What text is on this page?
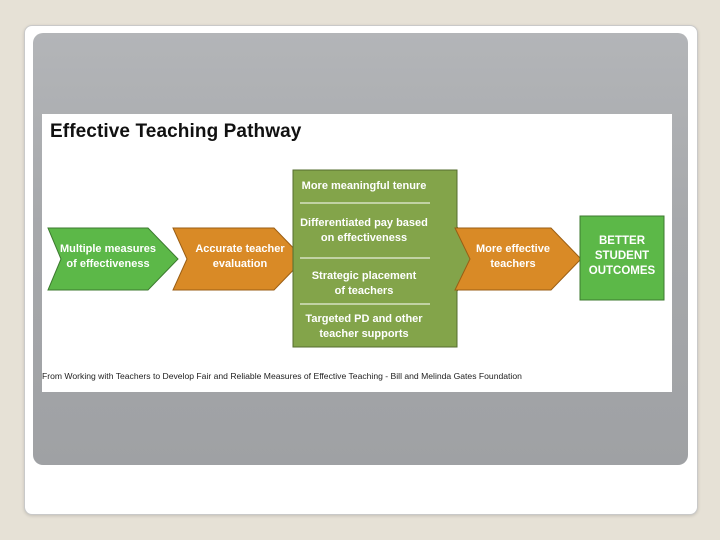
Effective Teaching Pathway
Multiple measures
of effectiveness
Accurate teacher
evaluation
More meaningful tenure
Differentiated pay based
on effectiveness
Strategic placement
of teachers
Targeted PD and other
teacher supports
More effective
teachers
BETTER
STUDENT
OUTCOMES
From Working with Teachers to Develop Fair and Reliable Measures of Effective Teaching - Bill and Melinda Gates Foundation
